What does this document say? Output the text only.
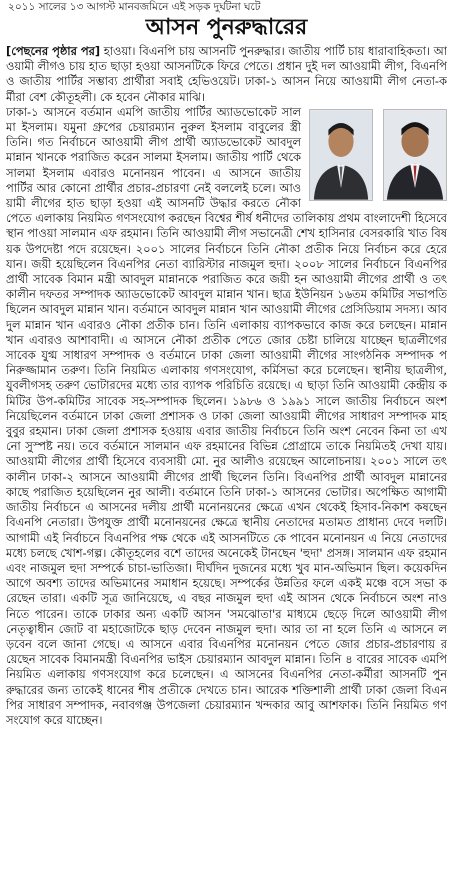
২০১১ সালের ১৩ আগস্ট মানবজমিনে এই সড়ক দুর্ঘটনা ঘটে
আসন পুনরুদ্ধারের

[পেছনের পৃষ্ঠার পর] হাওয়া। বিএনপি চায় আসনটি পুনরুদ্ধার। জাতীয় পার্টি চায় ধারাবাহিকতা। আওয়ামী লীগও চায় হাত ছাড়া হওয়া আসনটিকে ফিরে পেতে। প্রধান দুই দল আওয়ামী লীগ, বিএনপি ও জাতীয় পার্টির সম্ভাব্য প্রার্থীরা সবাই হেভিওয়েট। ঢাকা-১ আসন নিয়ে আওয়ামী লীগ নেতা-কর্মীরা বেশ কৌতূহলী। কে হবেন নৌকার মাঝি।

ঢাকা-১ আসনে বর্তমান এমপি জাতীয় পার্টির অ্যাডভোকেট সালমা ইসলাম। যমুনা গ্রুপের চেয়ারম্যান নুরুল ইসলাম বাবুলের স্ত্রী তিনি। গত নির্বাচনে আওয়ামী লীগ প্রার্থী অ্যাডভোকেট আবদুল মান্নান খানকে পরাজিত করেন সালমা ইসলাম। জাতীয় পার্টি থেকে সালমা ইসলাম এবারও মনোনয়ন পাবেন। এ আসনে জাতীয় পার্টির আর কোনো প্রার্থীর প্রচার-প্রচারণা নেই বললেই চলে। আওয়ামী লীগের হাত ছাড়া হওয়া এই আসনটি উদ্ধার করতে নৌকা পেতে এলাকায় নিয়মিত গণসংযোগ করছেন বিশ্বের শীর্ষ ধনীদের তালিকায় প্রথম বাংলাদেশী হিসেবে স্থান পাওয়া সালমান এফ রহমান। তিনি আওয়ামী লীগ সভানেত্রী শেখ হাসিনার বেসরকারি খাত বিষয়ক উপদেষ্টা পদে রয়েছেন। ২০০১ সালের নির্বাচনে তিনি নৌকা প্রতীক নিয়ে নির্বাচন করে হেরে যান। জয়ী হয়েছিলেন বিএনপির নেতা ব্যারিস্টার নাজমুল হুদা। ২০০৮ সালের নির্বাচনে বিএনপির প্রার্থী সাবেক বিমান মন্ত্রী আবদুল মান্নানকে পরাজিত করে জয়ী হন আওয়ামী লীগের প্রার্থী ও তৎকালীন দফতর সম্পাদক অ্যাডভোকেট আবদুল মান্নান খান। ছাত্র ইউনিয়ন ১৬তম কমিটির সভাপতি ছিলেন আবদুল মান্নান খান। বর্তমানে আবদুল মান্নান খান আওয়ামী লীগের প্রেসিডিয়াম সদস্য। আবদুল মান্নান খান এবারও নৌকা প্রতীক চান। তিনি এলাকায় ব্যাপকভাবে কাজ করে চলছেন। মান্নান খান এবারও আশাবাদী। এ আসনে নৌকা প্রতীক পেতে জোর চেষ্টা চালিয়ে যাচ্ছেন ছাত্রলীগের সাবেক যুগ্ম সাধারণ সম্পাদক ও বর্তমানে ঢাকা জেলা আওয়ামী লীগের সাংগঠনিক সম্পাদক পনিরুজ্জামান তরুণ। তিনি নিয়মিত এলাকায় গণসংযোগ, কর্মিসভা করে চলেছেন। স্থানীয় ছাত্রলীগ, যুবলীগসহ তরুণ ভোটারদের মধ্যে তার ব্যাপক পরিচিতি রয়েছে। এ ছাড়া তিনি আওয়ামী কেন্দ্রীয় কমিটির উপ-কমিটির সাবেক সহ-সম্পাদক ছিলেন। ১৯৮৬ ও ১৯৯১ সালে জাতীয় নির্বাচনে অংশ নিয়েছিলেন বর্তমানে ঢাকা জেলা প্রশাসক ও ঢাকা জেলা আওয়ামী লীগের সাধারণ সম্পাদক মাহবুবুর রহমান। ঢাকা জেলা প্রশাসক হওয়ায় এবার জাতীয় নির্বাচনে তিনি অংশ নেবেন কিনা তা এখনো সুস্পষ্ট নয়। তবে বর্তমানে সালমান এফ রহমানের বিভিন্ন প্রোগ্রামে তাকে নিয়মিতই দেখা যায়। আওয়ামী লীগের প্রার্থী হিসেবে ব্যবসায়ী মো. নুর আলীও রয়েছেন আলোচনায়। ২০০১ সালে তৎকালীন ঢাকা-২ আসনে আওয়ামী লীগের প্রার্থী ছিলেন তিনি। বিএনপির প্রার্থী আবদুল মান্নানের কাছে পরাজিত হয়েছিলেন নুর আলী। বর্তমানে তিনি ঢাকা-১ আসনের ভোটার। অপেক্ষিত আগামী জাতীয় নির্বাচনে এ আসনের দলীয় প্রার্থী মনোনয়নের ক্ষেত্রে এখন থেকেই হিসাব-নিকাশ কষছেন বিএনপি নেতারা। উপযুক্ত প্রার্থী মনোনয়নের ক্ষেত্রে স্থানীয় নেতাদের মতামত প্রাধান্য দেবে দলটি। আগামী এই নির্বাচনে বিএনপির পক্ষ থেকে এই আসনটিতে কে পাবেন মনোনয়ন এ নিয়ে নেতাদের মধ্যে চলছে খোশ-গল্প। কৌতূহলের বশে তাদের অনেকেই টানছেন 'হুদা' প্রসঙ্গ। সালমান এফ রহমান এবং নাজমুল হুদা সম্পর্কে চাচা-ভাতিজা। দীর্ঘদিন দুজনের মধ্যে খুব মান-অভিমান ছিল। কয়েকদিন আগে অবশ্য তাদের অভিমানের সমাধান হয়েছে। সম্পর্কের উন্নতির ফলে একই মঞ্চে বসে সভা করেছেন তারা। একটি সূত্র জানিয়েছে, এ বছর নাজমুল হুদা এই আসন থেকে নির্বাচনে অংশ নাও নিতে পারেন। তাকে ঢাকার অন্য একটি আসন 'সমঝোতা'র মাধ্যমে ছেড়ে দিলে আওয়ামী লীগ নেতৃত্বাধীন জোট বা মহাজোটকে ছাড় দেবেন নাজমুল হুদা। আর তা না হলে তিনি এ আসনে লড়বেন বলে জানা গেছে। এ আসনে এবার বিএনপির মনোনয়ন পেতে জোর প্রচার-প্রচারণায় রয়েছেন সাবেক বিমানমন্ত্রী বিএনপির ভাইস চেয়ারম্যান আবদুল মান্নান। তিনি ৪ বারের সাবেক এমপি নিয়মিত এলাকায় গণসংযোগ করে চলেছেন। এ আসনের বিএনপির নেতা-কর্মীরা আসনটি পুনরুদ্ধারের জন্য তাকেই ধানের শীষ প্রতীকে দেখতে চান। আরেক শক্তিশালী প্রার্থী ঢাকা জেলা বিএনপির সাধারণ সম্পাদক, নবাবগঞ্জ উপজেলা চেয়ারম্যান খন্দকার আবু আশফাক। তিনি নিয়মিত গণসংযোগ করে যাচ্ছেন।
